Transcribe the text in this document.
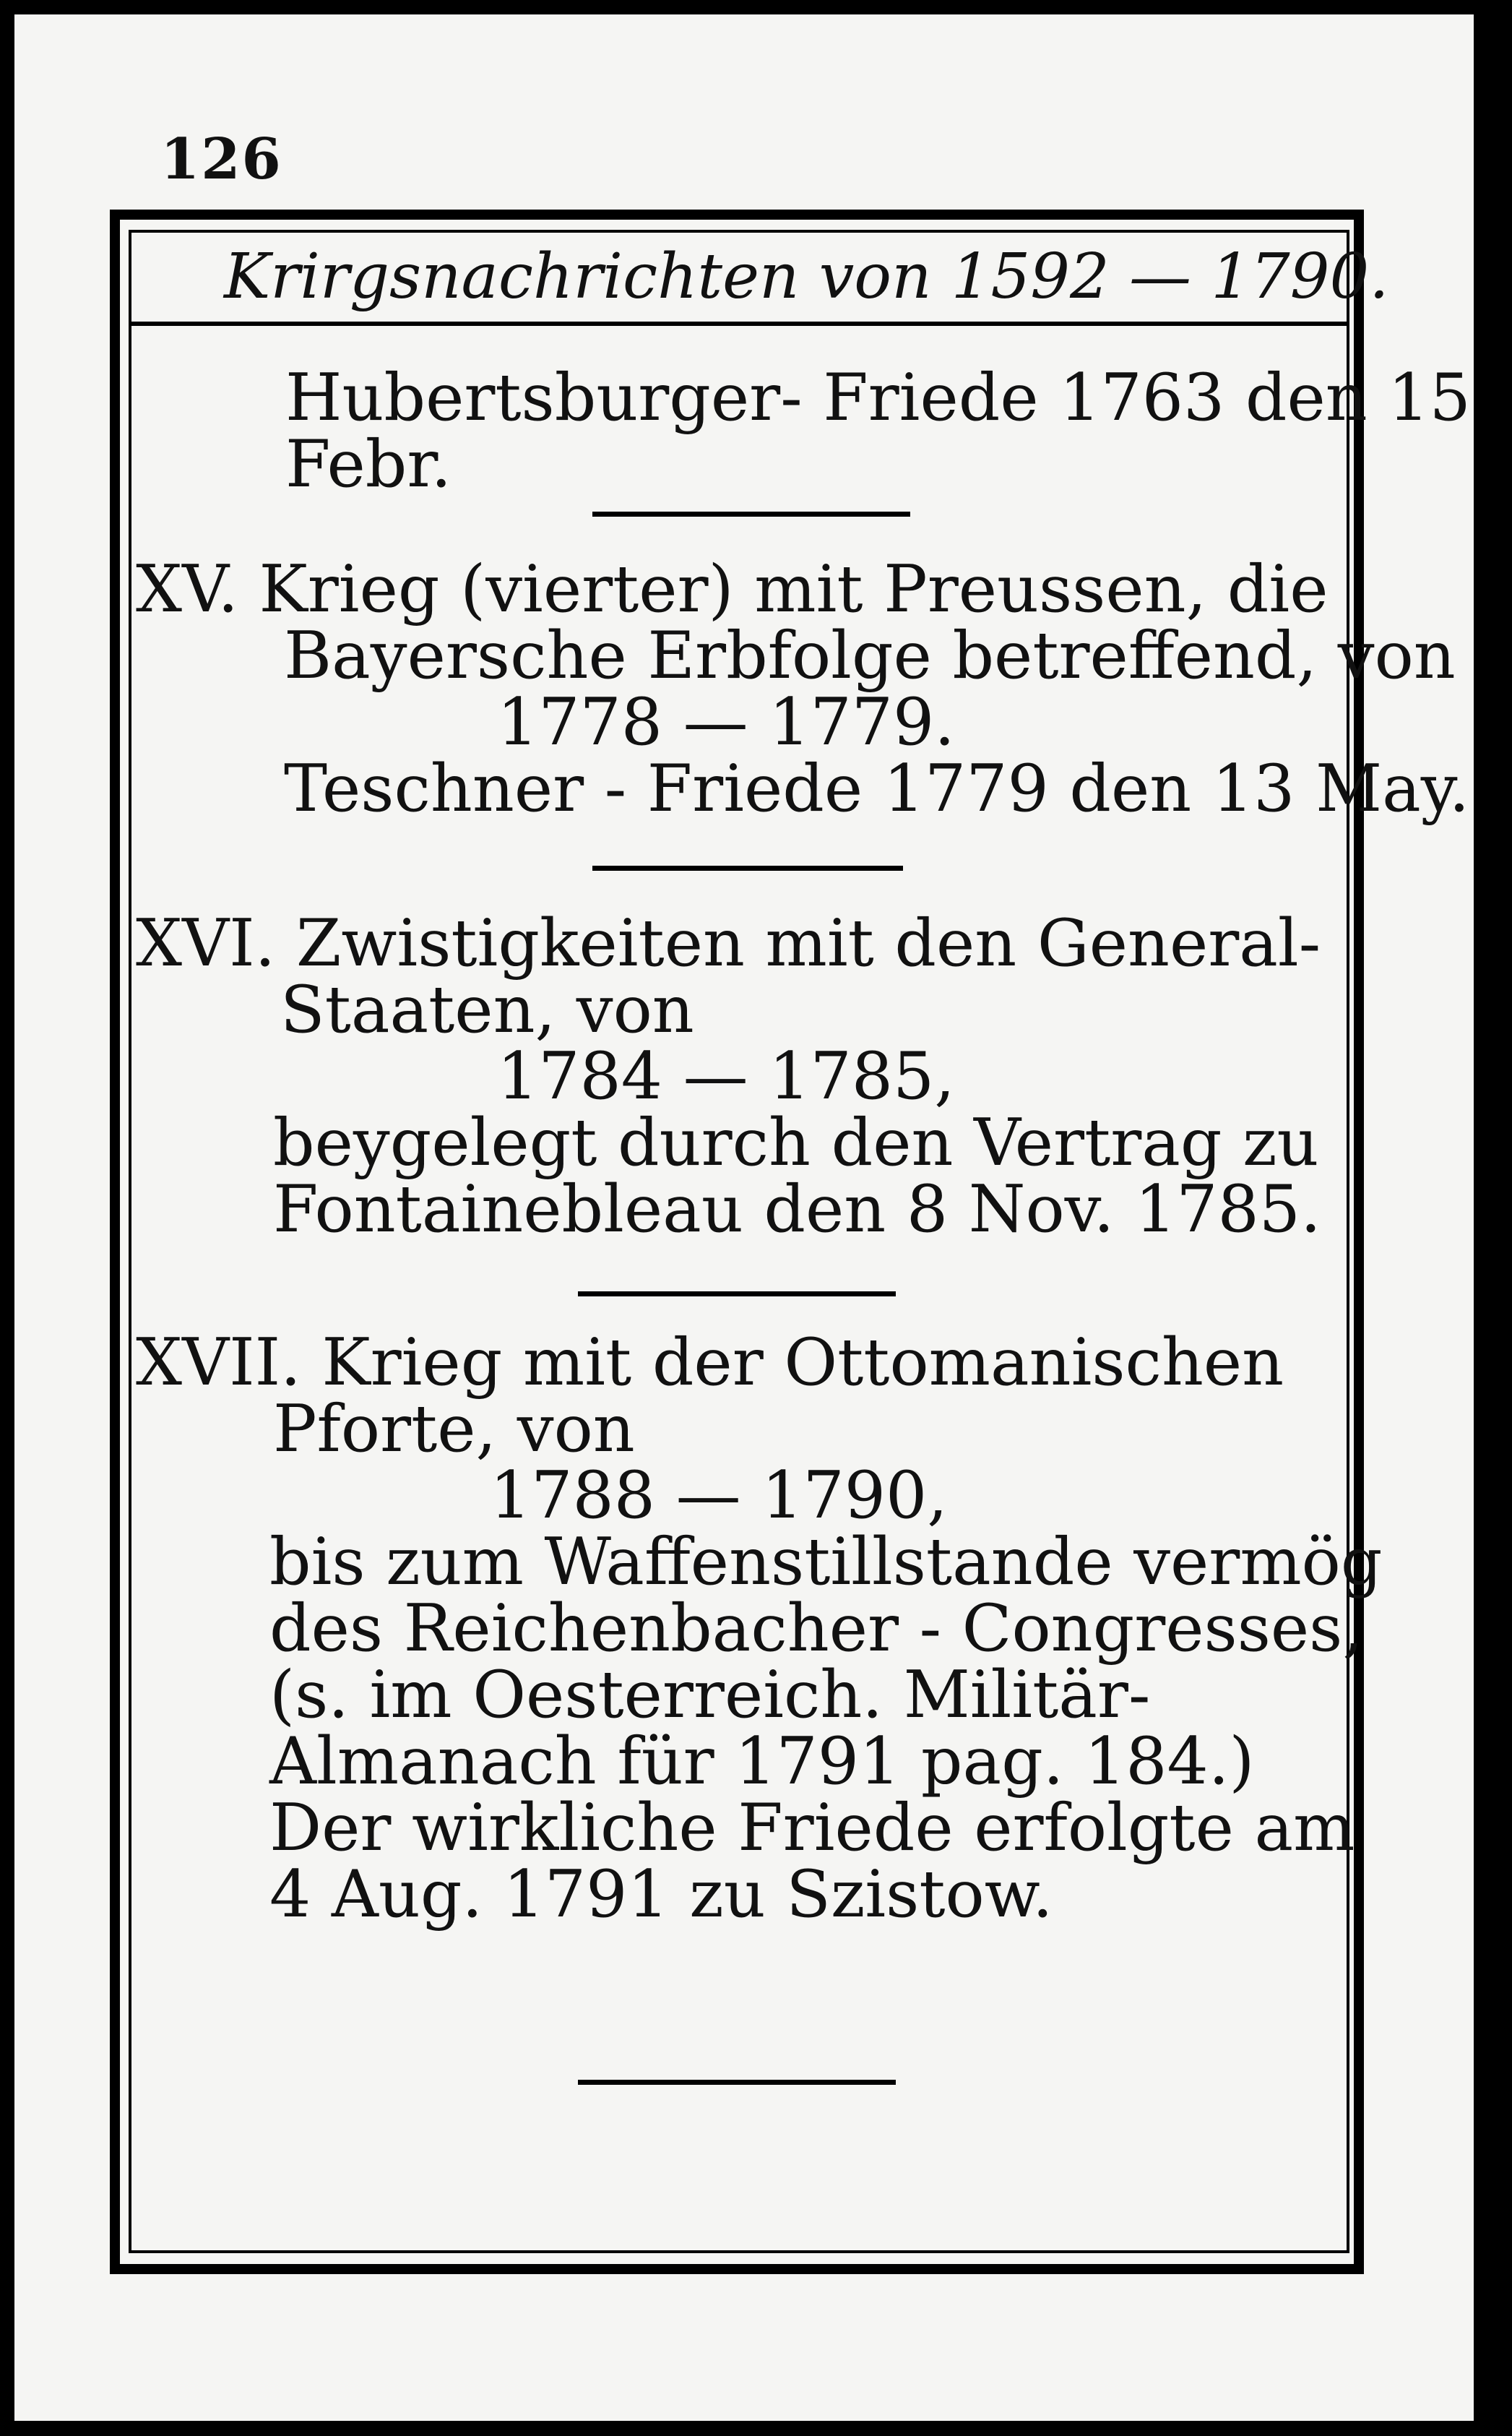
126
Krirgsnachrichten von 1592 — 1790.
Hubertsburger- Friede 1763 den 15
Febr.
XV. Krieg (vierter) mit Preussen, die
Bayersche Erbfolge betreffend, von
1778 — 1779.
Teschner - Friede 1779 den 13 May.
XVI. Zwistigkeiten mit den General-
Staaten, von
1784 — 1785,
beygelegt durch den Vertrag zu
Fontainebleau den 8 Nov. 1785.
XVII. Krieg mit der Ottomanischen
Pforte, von
1788 — 1790,
bis zum Waffenstillstande vermög
des Reichenbacher - Congresses,
(s. im Oesterreich. Militär-
Almanach für 1791 pag. 184.)
Der wirkliche Friede erfolgte am
4 Aug. 1791 zu Szistow.
